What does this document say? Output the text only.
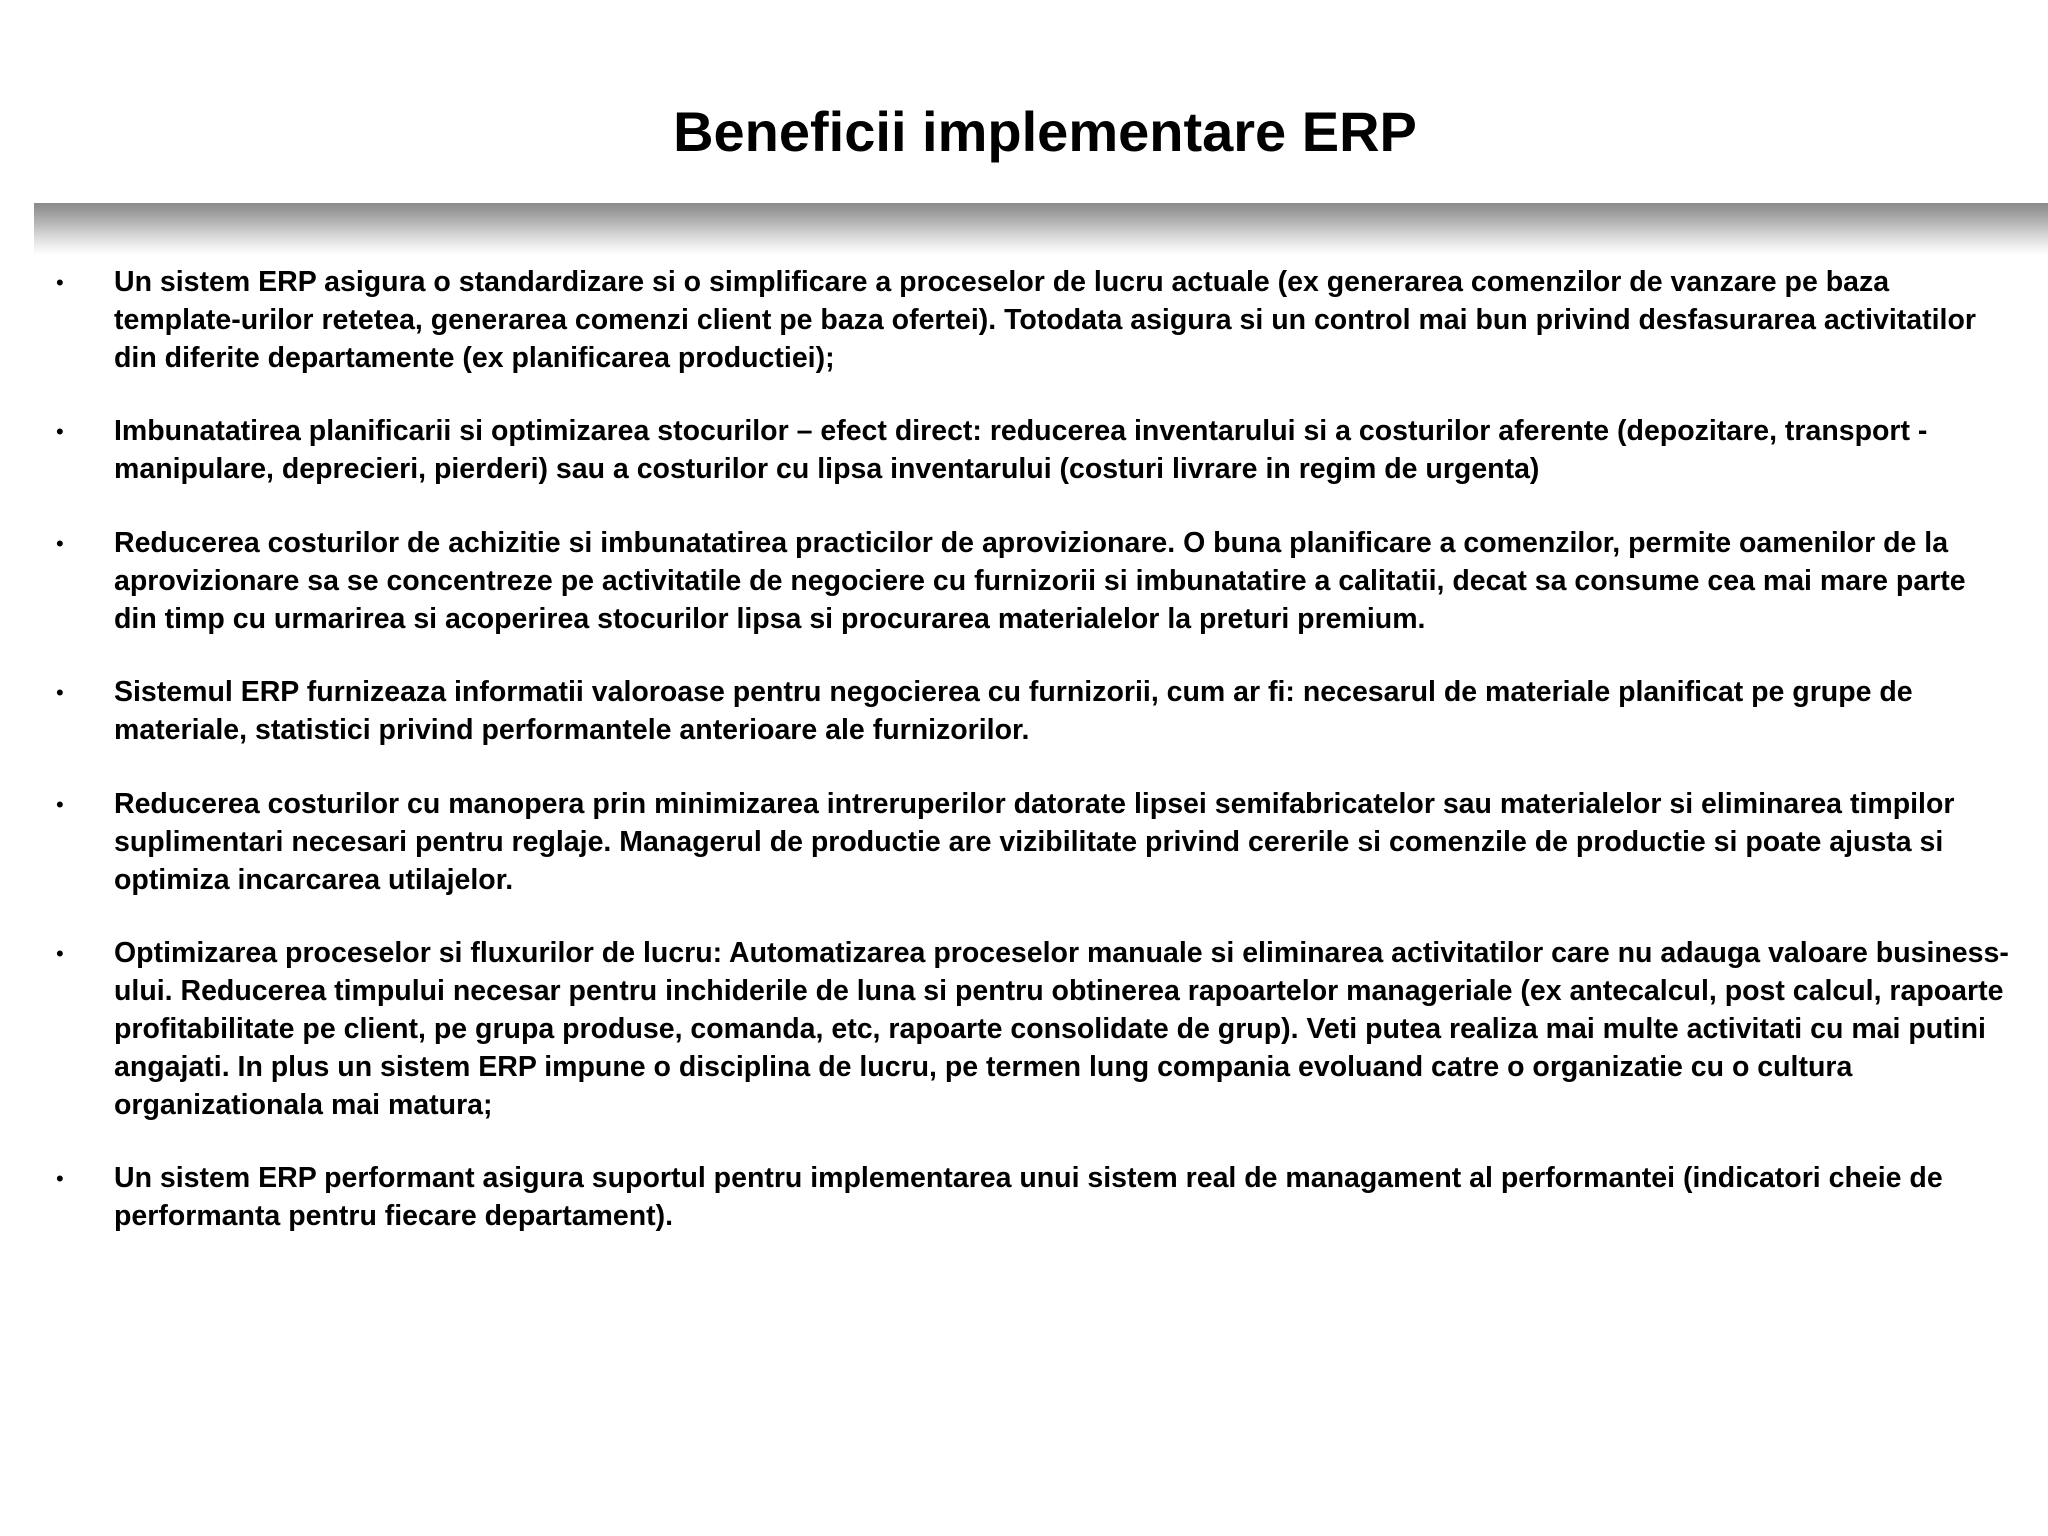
Beneficii implementare ERP
• Un sistem ERP asigura o standardizare si o simplificare a proceselor de lucru actuale (ex generarea comenzilor de vanzare pe baza template-urilor retetea, generarea comenzi client pe baza ofertei). Totodata asigura si un control mai bun privind desfasurarea activitatilor din diferite departamente (ex planificarea productiei);
• Imbunatatirea planificarii si optimizarea stocurilor – efect direct: reducerea inventarului si a costurilor aferente (depozitare, transport - manipulare, deprecieri, pierderi) sau a costurilor cu lipsa inventarului (costuri livrare in regim de urgenta)
• Reducerea costurilor de achizitie si imbunatatirea practicilor de aprovizionare. O buna planificare a comenzilor, permite oamenilor de la aprovizionare sa se concentreze pe activitatile de negociere cu furnizorii si imbunatatire a calitatii, decat sa consume cea mai mare parte din timp cu urmarirea si acoperirea stocurilor lipsa si procurarea materialelor la preturi premium.
• Sistemul ERP furnizeaza informatii valoroase pentru negocierea cu furnizorii, cum ar fi: necesarul de materiale planificat pe grupe de materiale, statistici privind performantele anterioare ale furnizorilor.
• Reducerea costurilor cu manopera prin minimizarea intreruperilor datorate lipsei semifabricatelor sau materialelor si eliminarea timpilor suplimentari necesari pentru reglaje. Managerul de productie are vizibilitate privind cererile si comenzile de productie si poate ajusta si optimiza incarcarea utilajelor.
• Optimizarea proceselor si fluxurilor de lucru: Automatizarea proceselor manuale si eliminarea activitatilor care nu adauga valoare business-ului. Reducerea timpului necesar pentru inchiderile de luna si pentru obtinerea rapoartelor manageriale (ex antecalcul, post calcul, rapoarte profitabilitate pe client, pe grupa produse, comanda, etc, rapoarte consolidate de grup). Veti putea realiza mai multe activitati cu mai putini angajati. In plus un sistem ERP impune o disciplina de lucru, pe termen lung compania evoluand catre o organizatie cu o cultura organizationala mai matura;
• Un sistem ERP performant asigura suportul pentru implementarea unui sistem real de managament al performantei (indicatori cheie de performanta pentru fiecare departament).
